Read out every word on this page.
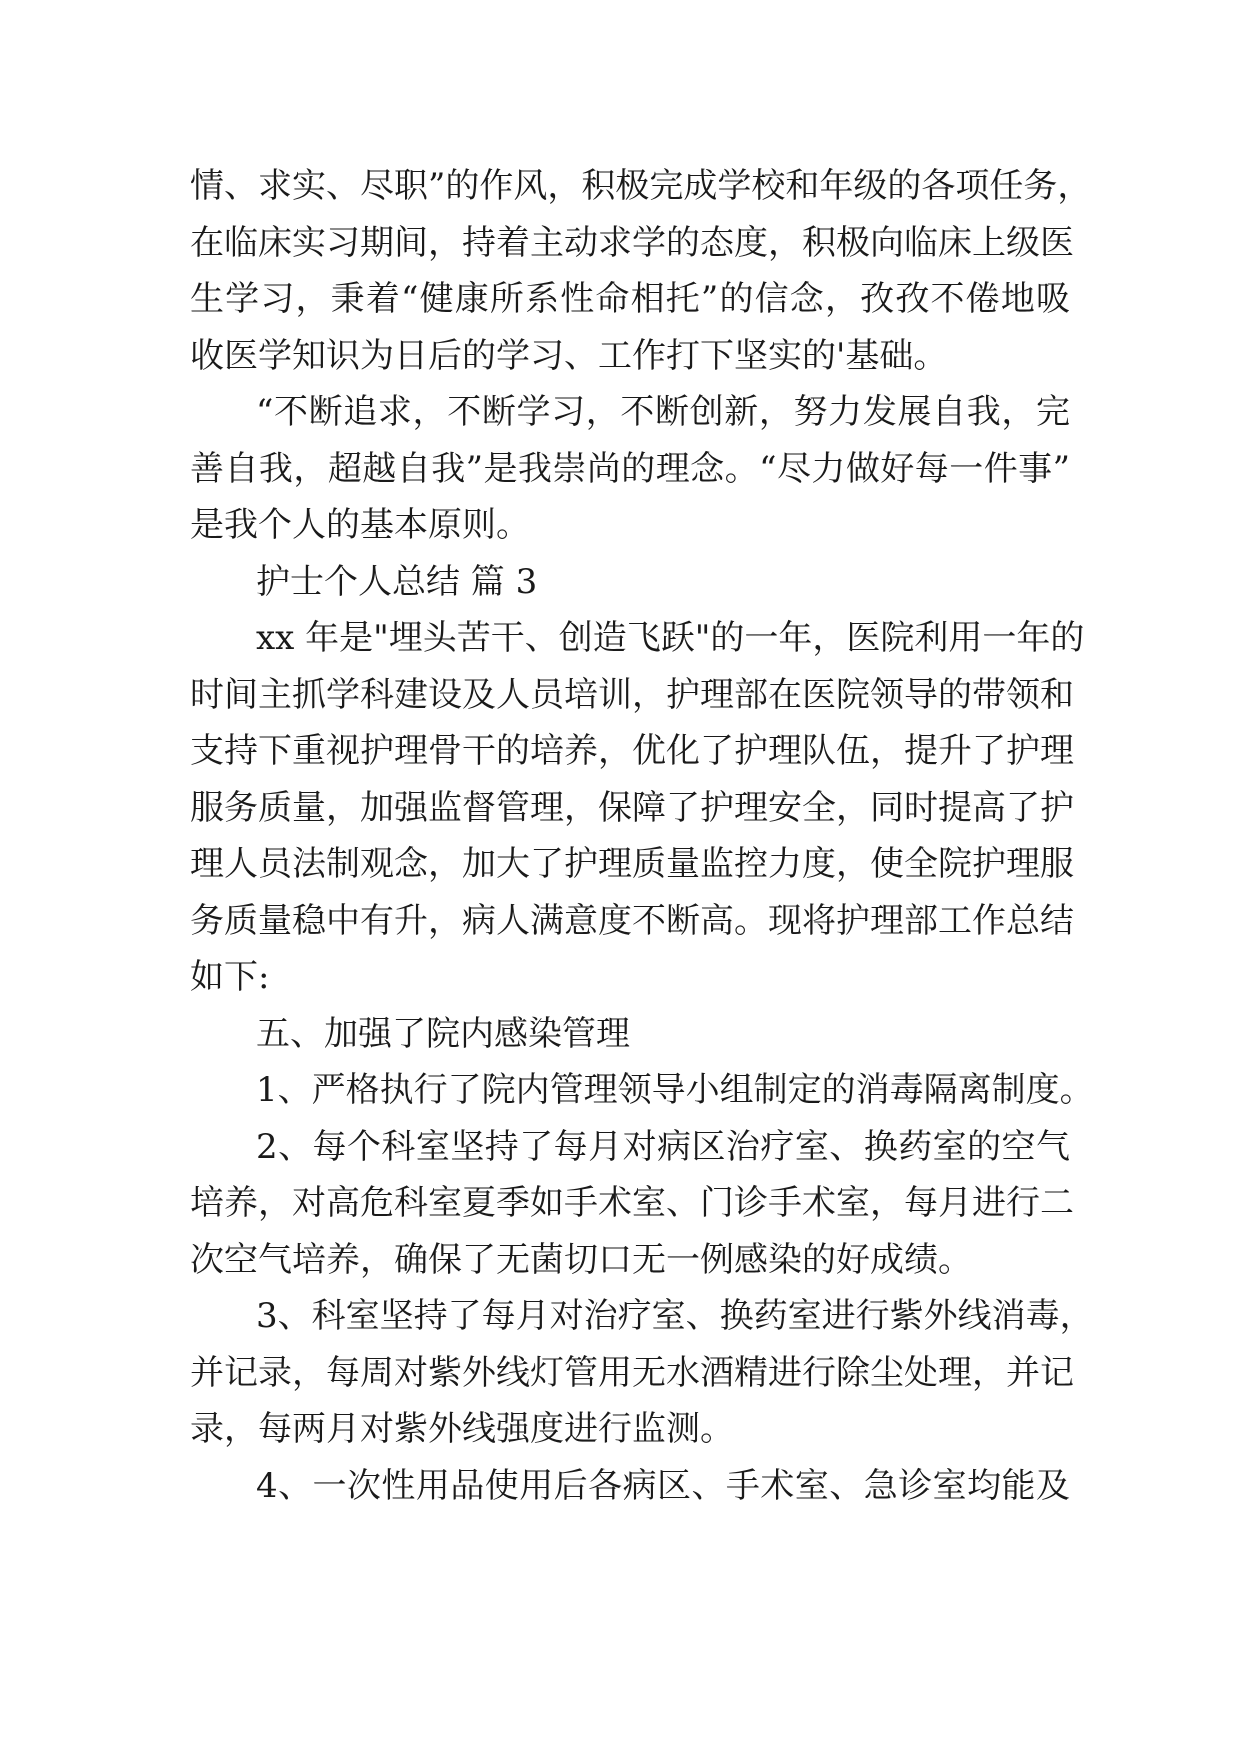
情、求实、尽职”的作风，积极完成学校和年级的各项任务，
在临床实习期间，持着主动求学的态度，积极向临床上级医
生学习，秉着“健康所系性命相托”的信念，孜孜不倦地吸
收医学知识为日后的学习、工作打下坚实的'基础。
“不断追求，不断学习，不断创新，努力发展自我，完
善自我，超越自我”是我崇尚的理念。“尽力做好每一件事”
是我个人的基本原则。
护士个人总结 篇 3
xx 年是"埋头苦干、创造飞跃"的一年，医院利用一年的
时间主抓学科建设及人员培训，护理部在医院领导的带领和
支持下重视护理骨干的培养，优化了护理队伍，提升了护理
服务质量，加强监督管理，保障了护理安全，同时提高了护
理人员法制观念，加大了护理质量监控力度，使全院护理服
务质量稳中有升，病人满意度不断高。现将护理部工作总结
如下:
五、加强了院内感染管理
1、严格执行了院内管理领导小组制定的消毒隔离制度。
2、每个科室坚持了每月对病区治疗室、换药室的空气
培养，对高危科室夏季如手术室、门诊手术室，每月进行二
次空气培养，确保了无菌切口无一例感染的好成绩。
3、科室坚持了每月对治疗室、换药室进行紫外线消毒，
并记录，每周对紫外线灯管用无水酒精进行除尘处理，并记
录，每两月对紫外线强度进行监测。
4、一次性用品使用后各病区、手术室、急诊室均能及
